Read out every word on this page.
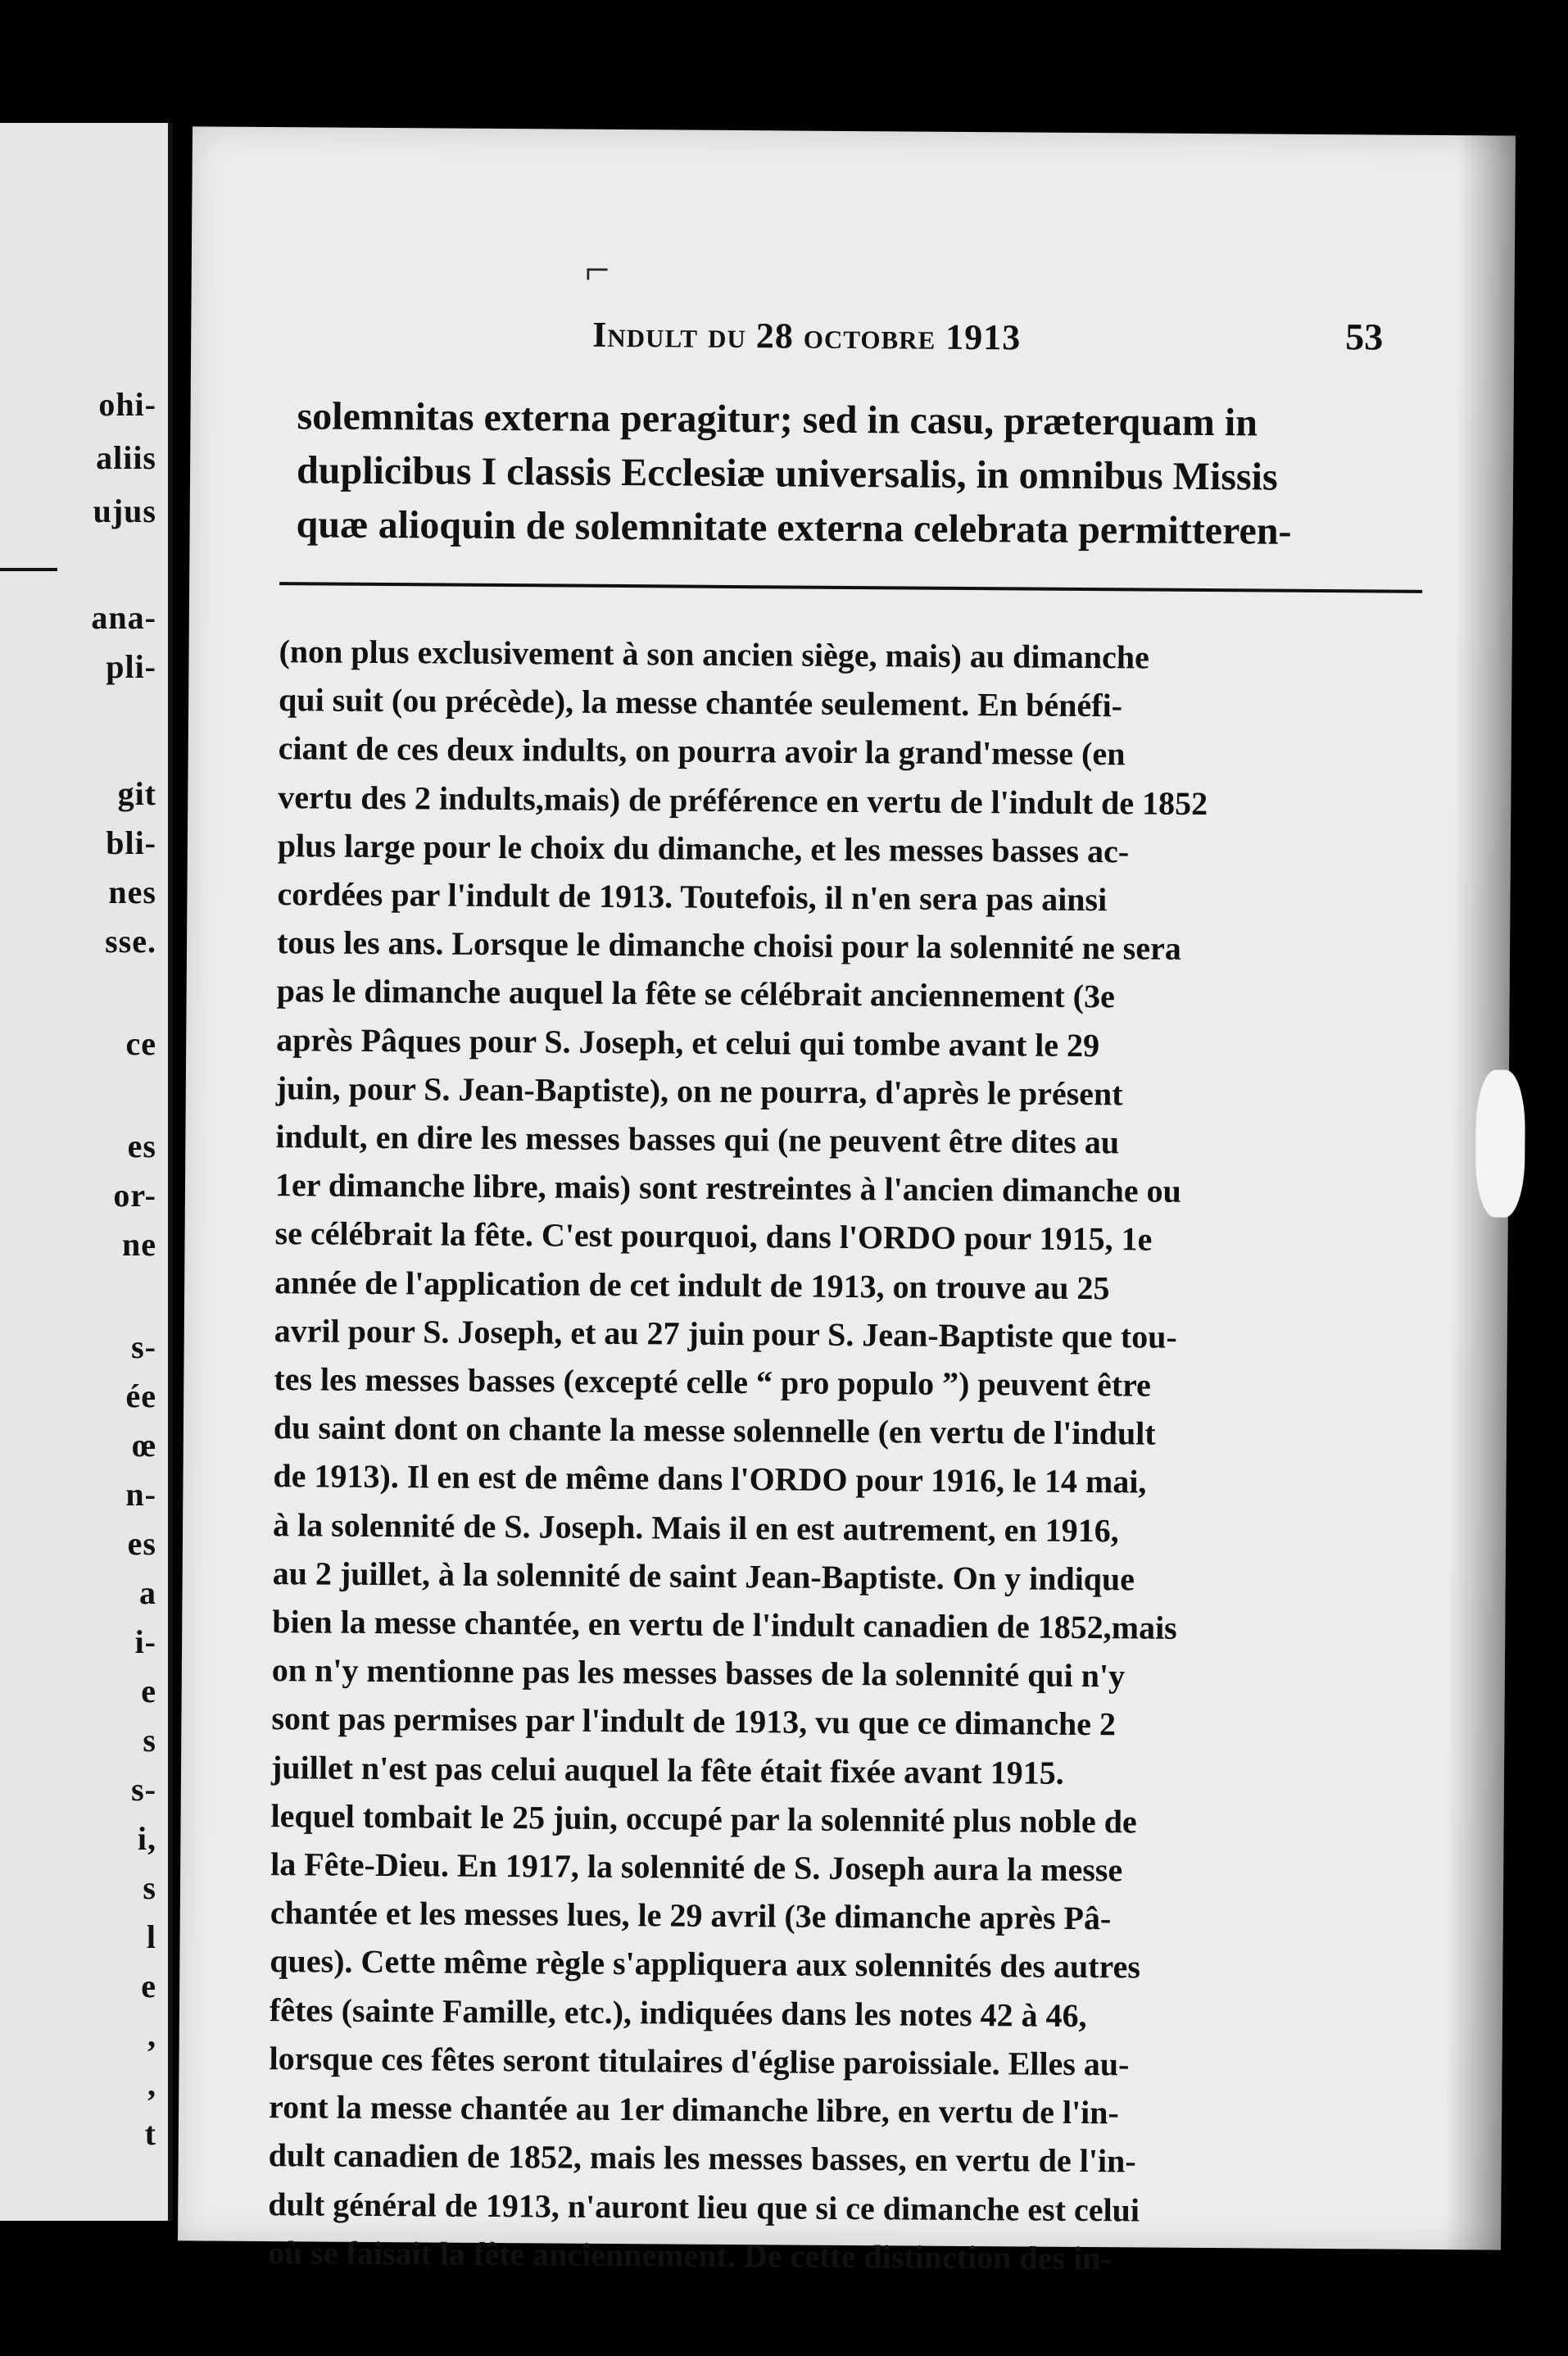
ohi-
aliis
ujus
ana-
pli-
git
bli-
nes
sse.
ce
es
or-
ne
s-
ée
œ
n-
es
a
i-
e
s
s-
i,
s
l
e
,
,
t
⌐
Indult du 28 octobre 1913	53
solemnitas externa peragitur; sed in casu, præterquam in
duplicibus I classis Ecclesiæ universalis, in omnibus Missis
quæ alioquin de solemnitate externa celebrata permitteren-
(non plus exclusivement à son ancien siège, mais) au dimanche
qui suit (ou précède), la messe chantée seulement. En bénéfi-
ciant de ces deux indults, on pourra avoir la grand'messe (en
vertu des 2 indults,mais) de préférence en vertu de l'indult de 1852
plus large pour le choix du dimanche, et les messes basses ac-
cordées par l'indult de 1913. Toutefois, il n'en sera pas ainsi
tous les ans. Lorsque le dimanche choisi pour la solennité ne sera
pas le dimanche auquel la fête se célébrait anciennement (3e
après Pâques pour S. Joseph, et celui qui tombe avant le 29
juin, pour S. Jean-Baptiste), on ne pourra, d'après le présent
indult, en dire les messes basses qui (ne peuvent être dites au
1er dimanche libre, mais) sont restreintes à l'ancien dimanche ou
se célébrait la fête. C'est pourquoi, dans l'ORDO pour 1915, 1e
année de l'application de cet indult de 1913, on trouve au 25
avril pour S. Joseph, et au 27 juin pour S. Jean-Baptiste que tou-
tes les messes basses (excepté celle “ pro populo ”) peuvent être
du saint dont on chante la messe solennelle (en vertu de l'indult
de 1913). Il en est de même dans l'ORDO pour 1916, le 14 mai,
à la solennité de S. Joseph. Mais il en est autrement, en 1916,
au 2 juillet, à la solennité de saint Jean-Baptiste. On y indique
bien la messe chantée, en vertu de l'indult canadien de 1852,mais
on n'y mentionne pas les messes basses de la solennité qui n'y
sont pas permises par l'indult de 1913, vu que ce dimanche 2
juillet n'est pas celui auquel la fête était fixée avant 1915.
lequel tombait le 25 juin, occupé par la solennité plus noble de
la Fête-Dieu. En 1917, la solennité de S. Joseph aura la messe
chantée et les messes lues, le 29 avril (3e dimanche après Pâ-
ques). Cette même règle s'appliquera aux solennités des autres
fêtes (sainte Famille, etc.), indiquées dans les notes 42 à 46,
lorsque ces fêtes seront titulaires d'église paroissiale. Elles au-
ront la messe chantée au 1er dimanche libre, en vertu de l'in-
dult canadien de 1852, mais les messes basses, en vertu de l'in-
dult général de 1913, n'auront lieu que si ce dimanche est celui
où se faisait la fête anciennement. De cette distinction des in-
